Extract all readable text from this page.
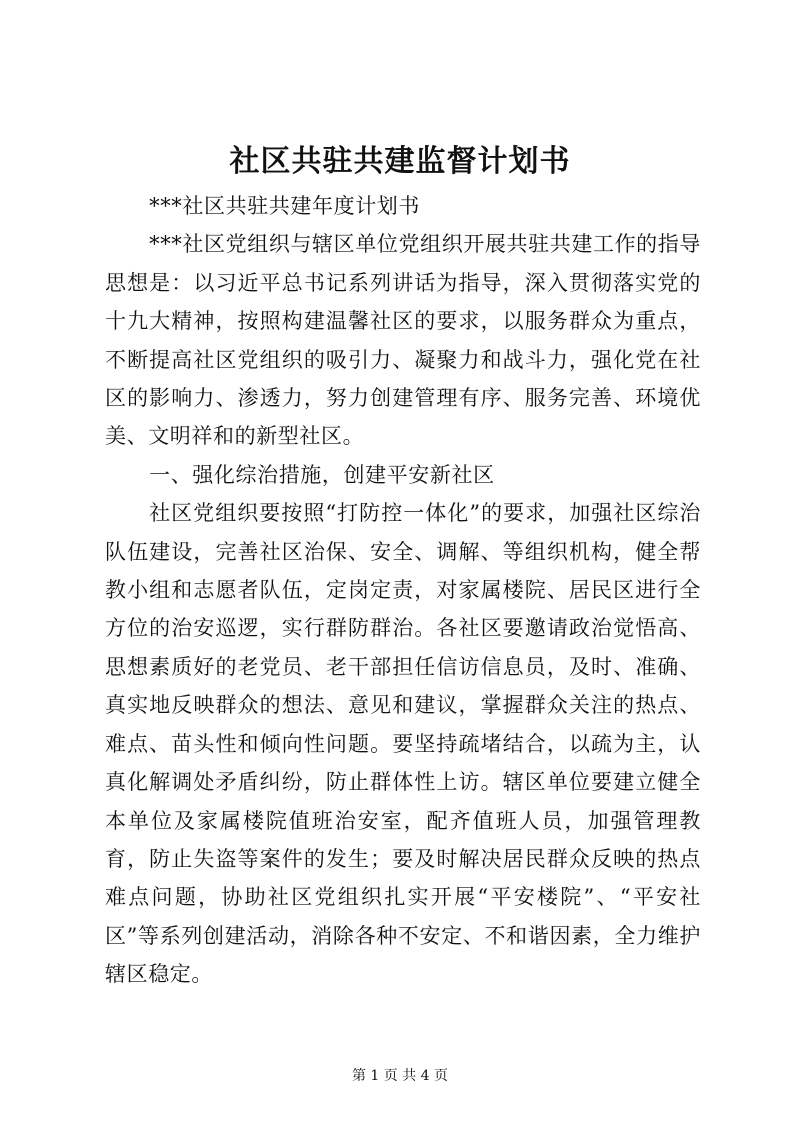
社区共驻共建监督计划书

***社区共驻共建年度计划书

***社区党组织与辖区单位党组织开展共驻共建工作的指导思想是：以习近平总书记系列讲话为指导，深入贯彻落实党的十九大精神，按照构建温馨社区的要求，以服务群众为重点，不断提高社区党组织的吸引力、凝聚力和战斗力，强化党在社区的影响力、渗透力，努力创建管理有序、服务完善、环境优美、文明祥和的新型社区。

一、强化综治措施，创建平安新社区

社区党组织要按照“打防控一体化”的要求，加强社区综治队伍建设，完善社区治保、安全、调解、等组织机构，健全帮教小组和志愿者队伍，定岗定责，对家属楼院、居民区进行全方位的治安巡逻，实行群防群治。各社区要邀请政治觉悟高、思想素质好的老党员、老干部担任信访信息员，及时、准确、真实地反映群众的想法、意见和建议，掌握群众关注的热点、难点、苗头性和倾向性问题。要坚持疏堵结合，以疏为主，认真化解调处矛盾纠纷，防止群体性上访。辖区单位要建立健全本单位及家属楼院值班治安室，配齐值班人员，加强管理教育，防止失盗等案件的发生；要及时解决居民群众反映的热点难点问题，协助社区党组织扎实开展“平安楼院”、“平安社区”等系列创建活动，消除各种不安定、不和谐因素，全力维护辖区稳定。

第 1 页 共 4 页
